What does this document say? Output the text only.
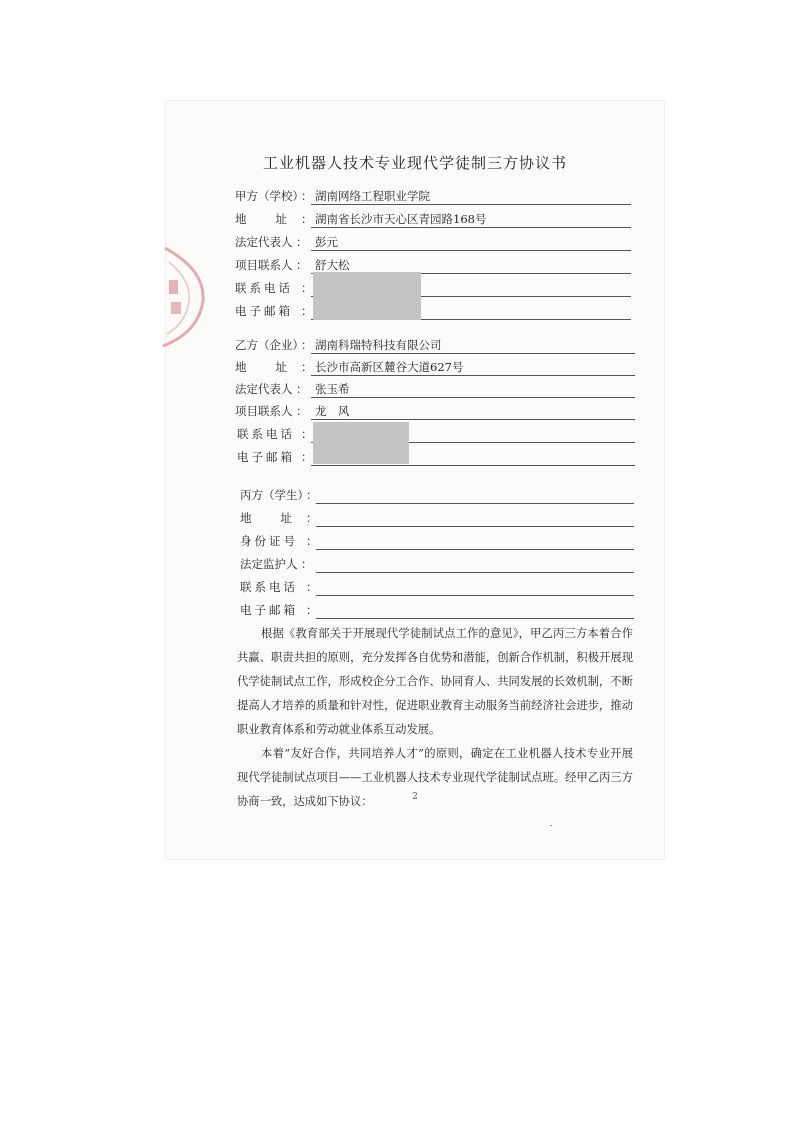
工业机器人技术专业现代学徒制三方协议书
甲方（学校）
： 湖南网络工程职业学院
地　　址 ： 湖南省长沙市天心区青园路168号
法定代表人 ： 彭元
项目联系人 ： 舒大松
联系电话 ：
电子邮箱 ：
乙方（企业）
： 湖南科瑞特科技有限公司
地　　址 ： 长沙市高新区麓谷大道627号
法定代表人 ： 张玉希
项目联系人 ： 龙　风
联系电话 ：
电子邮箱 ：
丙方（学生）
：
地　　址 ：
身份证号 ：
法定监护人 ：
联系电话 ：
电子邮箱 ：
根据《教育部关于开展现代学徒制试点工作的意见》，甲乙丙三方本着合作共赢、职责共担的原则，充分发挥各自优势和潜能，创新合作机制，积极开展现代学徒制试点工作，形成校企分工合作、协同育人、共同发展的长效机制，不断提高人才培养的质量和针对性，促进职业教育主动服务当前经济社会进步，推动职业教育体系和劳动就业体系互动发展。
本着“友好合作，共同培养人才”的原则，确定在工业机器人技术专业开展现代学徒制试点项目——工业机器人技术专业现代学徒制试点班。经甲乙丙三方协商一致，达成如下协议：	2
